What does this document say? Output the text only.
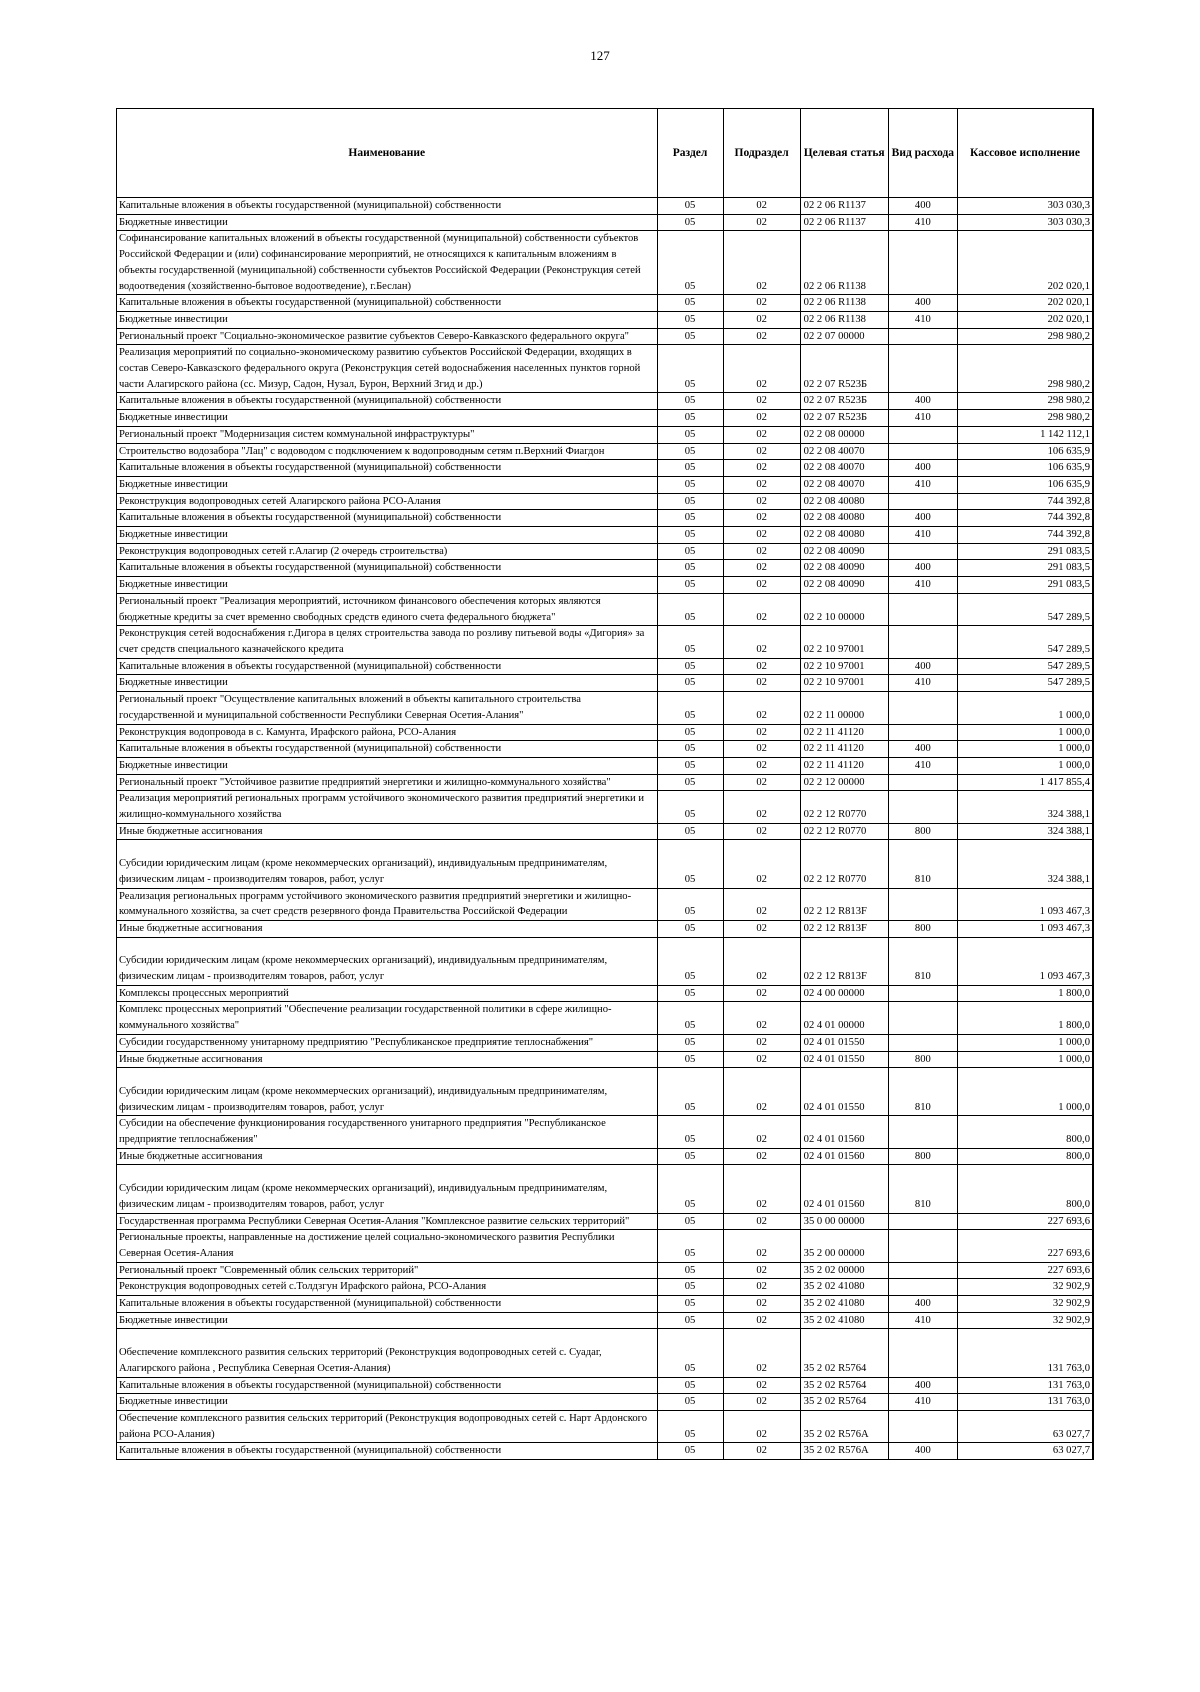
127
Наименование	Раздел	Подраздел	Целевая статья	Вид расхода	Кассовое исполнение
Капитальные вложения в объекты государственной (муниципальной) собственности	05	02	02 2 06 R1137	400	303 030,3
Бюджетные инвестиции	05	02	02 2 06 R1137	410	303 030,3
Софинансирование капитальных вложений в объекты государственной (муниципальной) собственности субъектов Российской Федерации и (или) софинансирование мероприятий, не относящихся к капитальным вложениям в объекты государственной (муниципальной) собственности субъектов Российской Федерации (Реконструкция сетей водоотведения (хозяйственно-бытовое водоотведение), г.Беслан)	05	02	02 2 06 R1138		202 020,1
Капитальные вложения в объекты государственной (муниципальной) собственности	05	02	02 2 06 R1138	400	202 020,1
Бюджетные инвестиции	05	02	02 2 06 R1138	410	202 020,1
Региональный проект "Социально-экономическое развитие субъектов Северо-Кавказского федерального округа"	05	02	02 2 07 00000		298 980,2
Реализация мероприятий по социально-экономическому развитию субъектов Российской Федерации, входящих в состав Северо-Кавказского федерального округа (Реконструкция сетей водоснабжения населенных пунктов горной части Алагирского района (сс. Мизур, Садон, Нузал, Бурон, Верхний Згид и др.)	05	02	02 2 07 R523Б		298 980,2
Капитальные вложения в объекты государственной (муниципальной) собственности	05	02	02 2 07 R523Б	400	298 980,2
Бюджетные инвестиции	05	02	02 2 07 R523Б	410	298 980,2
Региональный проект "Модернизация систем коммунальной инфраструктуры"	05	02	02 2 08 00000		1 142 112,1
Строительство водозабора "Лац" с водоводом с подключением к водопроводным сетям п.Верхний Фиагдон	05	02	02 2 08 40070		106 635,9
Капитальные вложения в объекты государственной (муниципальной) собственности	05	02	02 2 08 40070	400	106 635,9
Бюджетные инвестиции	05	02	02 2 08 40070	410	106 635,9
Реконструкция водопроводных сетей Алагирского района РСО-Алания	05	02	02 2 08 40080		744 392,8
Капитальные вложения в объекты государственной (муниципальной) собственности	05	02	02 2 08 40080	400	744 392,8
Бюджетные инвестиции	05	02	02 2 08 40080	410	744 392,8
Реконструкция водопроводных сетей г.Алагир (2 очередь строительства)	05	02	02 2 08 40090		291 083,5
Капитальные вложения в объекты государственной (муниципальной) собственности	05	02	02 2 08 40090	400	291 083,5
Бюджетные инвестиции	05	02	02 2 08 40090	410	291 083,5
Региональный проект "Реализация мероприятий, источником финансового обеспечения которых являются бюджетные кредиты за счет временно свободных средств единого счета федерального бюджета"	05	02	02 2 10 00000		547 289,5
Реконструкция сетей водоснабжения г.Дигора в целях строительства завода по розливу питьевой воды «Дигория» за счет средств специального казначейского кредита	05	02	02 2 10 97001		547 289,5
Капитальные вложения в объекты государственной (муниципальной) собственности	05	02	02 2 10 97001	400	547 289,5
Бюджетные инвестиции	05	02	02 2 10 97001	410	547 289,5
Региональный проект "Осуществление капитальных вложений в объекты капитального строительства государственной и муниципальной собственности Республики Северная Осетия-Алания"	05	02	02 2 11 00000		1 000,0
Реконструкция водопровода в с. Камунта, Ирафского района, РСО-Алания	05	02	02 2 11 41120		1 000,0
Капитальные вложения в объекты государственной (муниципальной) собственности	05	02	02 2 11 41120	400	1 000,0
Бюджетные инвестиции	05	02	02 2 11 41120	410	1 000,0
Региональный проект "Устойчивое развитие предприятий энергетики и жилищно-коммунального хозяйства"	05	02	02 2 12 00000		1 417 855,4
Реализация мероприятий региональных программ устойчивого экономического развития предприятий энергетики и жилищно-коммунального хозяйства	05	02	02 2 12 R0770		324 388,1
Иные бюджетные ассигнования	05	02	02 2 12 R0770	800	324 388,1
Субсидии юридическим лицам (кроме некоммерческих организаций), индивидуальным предпринимателям, физическим лицам - производителям товаров, работ, услуг	05	02	02 2 12 R0770	810	324 388,1
Реализация региональных программ устойчивого экономического развития предприятий энергетики и жилищно-коммунального хозяйства, за счет средств резервного фонда Правительства Российской Федерации	05	02	02 2 12 R813F		1 093 467,3
Иные бюджетные ассигнования	05	02	02 2 12 R813F	800	1 093 467,3
Субсидии юридическим лицам (кроме некоммерческих организаций), индивидуальным предпринимателям, физическим лицам - производителям товаров, работ, услуг	05	02	02 2 12 R813F	810	1 093 467,3
Комплексы процессных мероприятий	05	02	02 4 00 00000		1 800,0
Комплекс процессных мероприятий "Обеспечение реализации государственной политики в сфере жилищно-коммунального хозяйства"	05	02	02 4 01 00000		1 800,0
Субсидии государственному унитарному предприятию "Республиканское предприятие теплоснабжения"	05	02	02 4 01 01550		1 000,0
Иные бюджетные ассигнования	05	02	02 4 01 01550	800	1 000,0
Субсидии юридическим лицам (кроме некоммерческих организаций), индивидуальным предпринимателям, физическим лицам - производителям товаров, работ, услуг	05	02	02 4 01 01550	810	1 000,0
Субсидии на обеспечение функционирования государственного унитарного предприятия "Республиканское предприятие теплоснабжения"	05	02	02 4 01 01560		800,0
Иные бюджетные ассигнования	05	02	02 4 01 01560	800	800,0
Субсидии юридическим лицам (кроме некоммерческих организаций), индивидуальным предпринимателям, физическим лицам - производителям товаров, работ, услуг	05	02	02 4 01 01560	810	800,0
Государственная программа Республики Северная Осетия-Алания "Комплексное развитие сельских территорий"	05	02	35 0 00 00000		227 693,6
Региональные проекты, направленные на достижение целей социально-экономического развития Республики Северная Осетия-Алания	05	02	35 2 00 00000		227 693,6
Региональный проект "Современный облик сельских территорий"	05	02	35 2 02 00000		227 693,6
Реконструкция водопроводных сетей с.Толдзгун Ирафского района, РСО-Алания	05	02	35 2 02 41080		32 902,9
Капитальные вложения в объекты государственной (муниципальной) собственности	05	02	35 2 02 41080	400	32 902,9
Бюджетные инвестиции	05	02	35 2 02 41080	410	32 902,9
Обеспечение комплексного развития сельских территорий (Реконструкция водопроводных сетей с. Суадаг, Алагирского района , Республика Северная Осетия-Алания)	05	02	35 2 02 R5764		131 763,0
Капитальные вложения в объекты государственной (муниципальной) собственности	05	02	35 2 02 R5764	400	131 763,0
Бюджетные инвестиции	05	02	35 2 02 R5764	410	131 763,0
Обеспечение комплексного развития сельских территорий (Реконструкция водопроводных сетей с. Нарт Ардонского района РСО-Алания)	05	02	35 2 02 R576A		63 027,7
Капитальные вложения в объекты государственной (муниципальной) собственности	05	02	35 2 02 R576A	400	63 027,7
